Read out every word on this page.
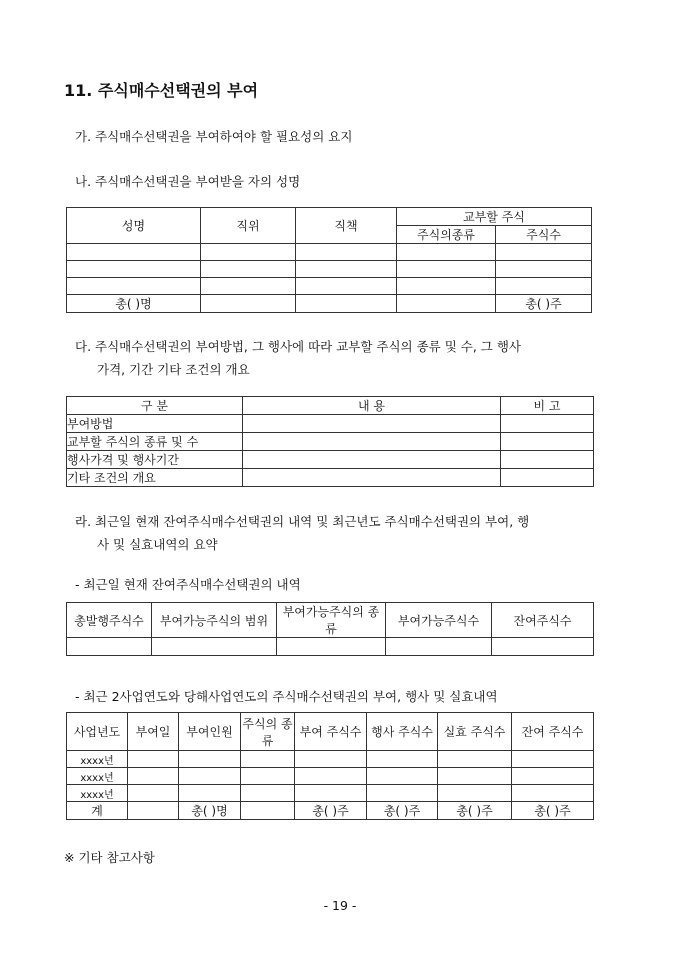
11. 주식매수선택권의 부여
가. 주식매수선택권을 부여하여야 할 필요성의 요지
나. 주식매수선택권을 부여받을 자의 성명
성명	직위	직책	교부할 주식	
			주식의종류	주식수

총( )명				총( )주
다. 주식매수선택권의 부여방법, 그 행사에 따라 교부할 주식의 종류 및 수, 그 행사
가격, 기간 기타 조건의 개요
구 분	내 용	비 고
부여방법		
교부할 주식의 종류 및 수		
행사가격 및 행사기간		
기타 조건의 개요		
라. 최근일 현재 잔여주식매수선택권의 내역 및 최근년도 주식매수선택권의 부여, 행
사 및 실효내역의 요약
- 최근일 현재 잔여주식매수선택권의 내역
총발행주식수	부여가능주식의 범위	부여가능주식의 종류	부여가능주식수	잔여주식수

- 최근 2사업연도와 당해사업연도의 주식매수선택권의 부여, 행사 및 실효내역
사업년도	부여일	부여인원	주식의 종류	부여 주식수	행사 주식수	실효 주식수	잔여 주식수
xxxx년							
xxxx년							
xxxx년							
계		총( )명		총( )주	총( )주	총( )주	총( )주
※ 기타 참고사항
- 19 -
